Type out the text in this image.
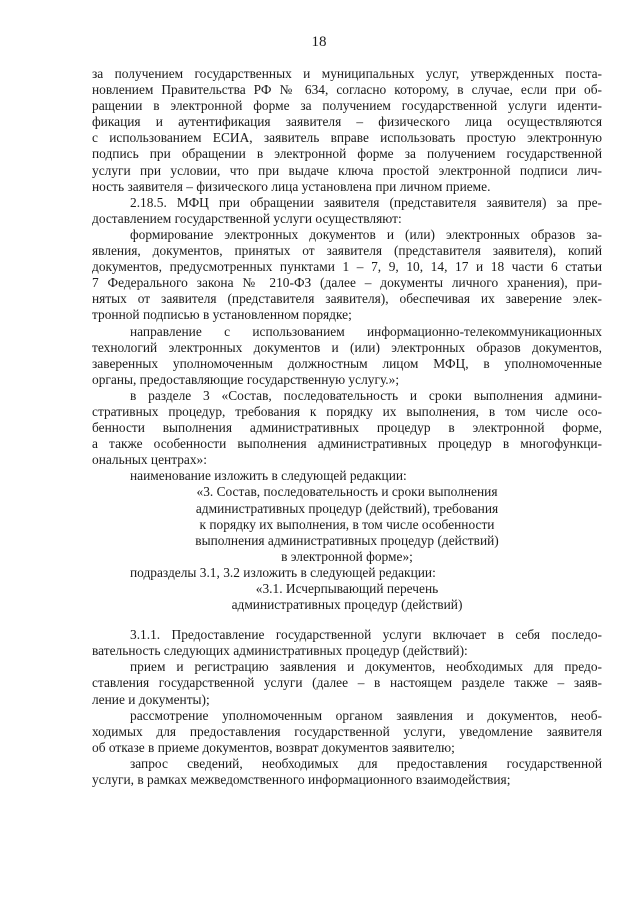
18
за получением государственных и муниципальных услуг, утвержденных поста-
новлением Правительства РФ № 634, согласно которому, в случае, если при об-
ращении в электронной форме за получением государственной услуги иденти-
фикация и аутентификация заявителя – физического лица осуществляются
с использованием ЕСИА, заявитель вправе использовать простую электронную
подпись при обращении в электронной форме за получением государственной
услуги при условии, что при выдаче ключа простой электронной подписи лич-
ность заявителя – физического лица установлена при личном приеме.
2.18.5. МФЦ при обращении заявителя (представителя заявителя) за пре-
доставлением государственной услуги осуществляют:
формирование электронных документов и (или) электронных образов за-
явления, документов, принятых от заявителя (представителя заявителя), копий
документов, предусмотренных пунктами 1 – 7, 9, 10, 14, 17 и 18 части 6 статьи
7 Федерального закона № 210-ФЗ (далее – документы личного хранения), при-
нятых от заявителя (представителя заявителя), обеспечивая их заверение элек-
тронной подписью в установленном порядке;
направление с использованием информационно-телекоммуникационных
технологий электронных документов и (или) электронных образов документов,
заверенных уполномоченным должностным лицом МФЦ, в уполномоченные
органы, предоставляющие государственную услугу.»;
в разделе 3 «Состав, последовательность и сроки выполнения админи-
стративных процедур, требования к порядку их выполнения, в том числе осо-
бенности выполнения административных процедур в электронной форме,
а также особенности выполнения административных процедур в многофункци-
ональных центрах»:
наименование изложить в следующей редакции:
«3. Состав, последовательность и сроки выполнения
административных процедур (действий), требования
к порядку их выполнения, в том числе особенности
выполнения административных процедур (действий)
в электронной форме»;
подразделы 3.1, 3.2 изложить в следующей редакции:
«3.1. Исчерпывающий перечень
административных процедур (действий)
3.1.1. Предоставление государственной услуги включает в себя последо-
вательность следующих административных процедур (действий):
прием и регистрацию заявления и документов, необходимых для предо-
ставления государственной услуги (далее – в настоящем разделе также – заяв-
ление и документы);
рассмотрение уполномоченным органом заявления и документов, необ-
ходимых для предоставления государственной услуги, уведомление заявителя
об отказе в приеме документов, возврат документов заявителю;
запрос сведений, необходимых для предоставления государственной
услуги, в рамках межведомственного информационного взаимодействия;
